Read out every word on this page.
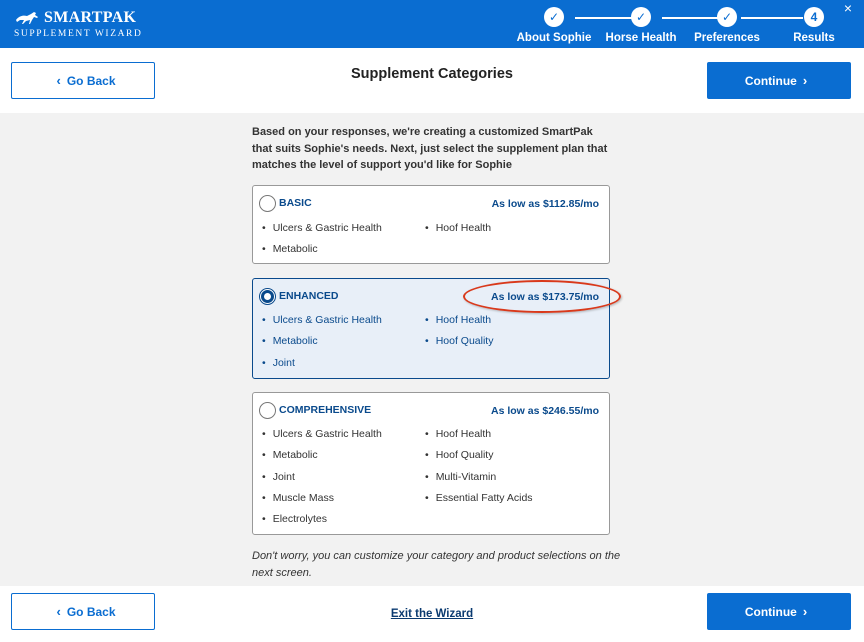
SMARTPAK
SUPPLEMENT WIZARD
✓
About Sophie
✓
Horse Health
✓
Preferences
4
Results
×
‹ Go Back	Supplement Categories	Continue ›
Based on your responses, we're creating a customized SmartPak that suits Sophie's needs. Next, just select the supplement plan that matches the level of support you'd like for Sophie
BASIC	As low as $112.85/mo
• Ulcers & Gastric Health
• Metabolic
• Hoof Health
ENHANCED	As low as $173.75/mo
• Ulcers & Gastric Health
• Metabolic
• Joint
• Hoof Health
• Hoof Quality
COMPREHENSIVE	As low as $246.55/mo
• Ulcers & Gastric Health
• Metabolic
• Joint
• Muscle Mass
• Electrolytes
• Hoof Health
• Hoof Quality
• Multi-Vitamin
• Essential Fatty Acids
Don't worry, you can customize your category and product selections on the next screen.
‹ Go Back	Exit the Wizard	Continue ›
